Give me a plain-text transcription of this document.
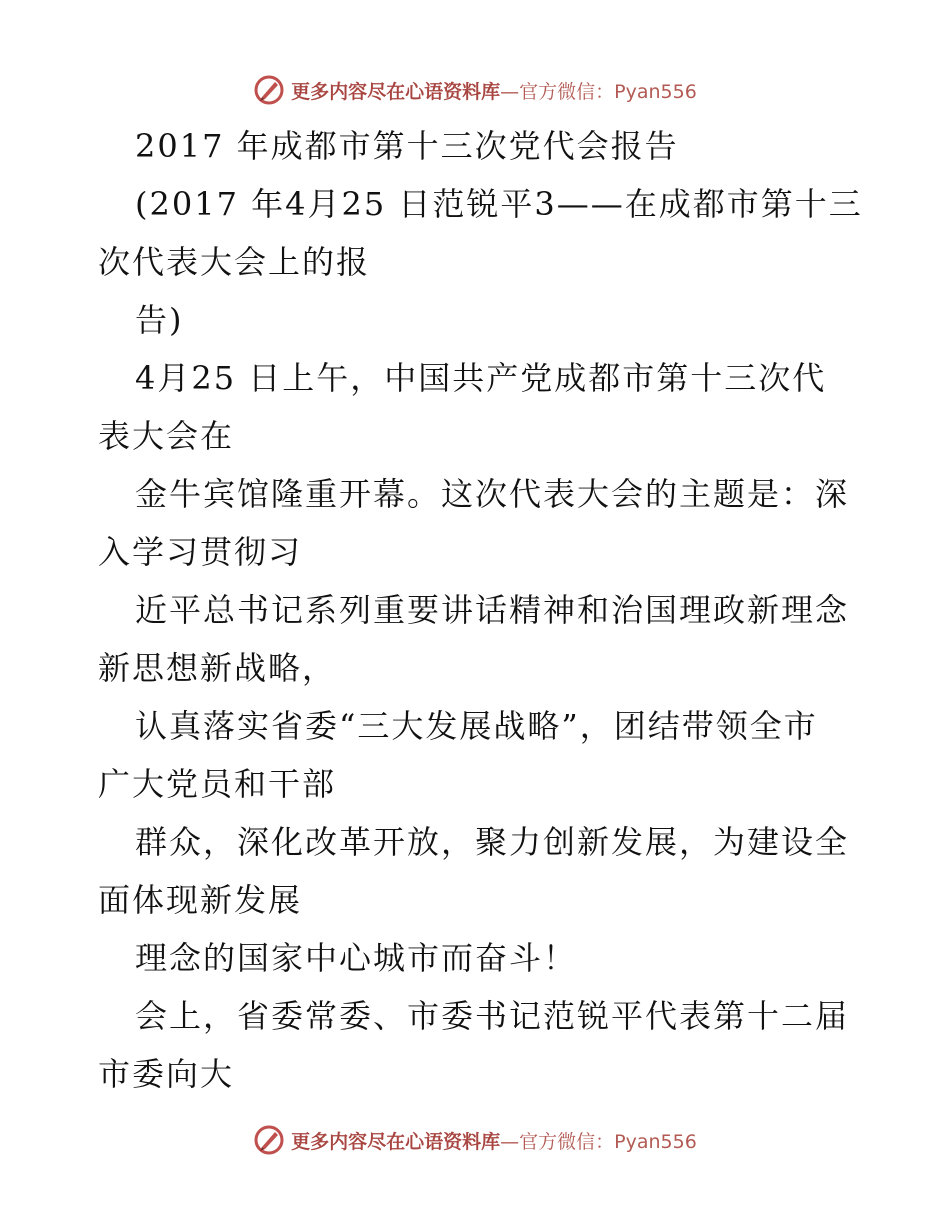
更多内容尽在心语资料库—官方微信：Pyan556
2017 年成都市第十三次党代会报告
(2017 年4月25 日范锐平3——在成都市第十三
次代表大会上的报
告)
4月25 日上午，中国共产党成都市第十三次代
表大会在
金牛宾馆隆重开幕。这次代表大会的主题是：深
入学习贯彻习
近平总书记系列重要讲话精神和治国理政新理念
新思想新战略，
认真落实省委“三大发展战略”，团结带领全市
广大党员和干部
群众，深化改革开放，聚力创新发展，为建设全
面体现新发展
理念的国家中心城市而奋斗！
会上，省委常委、市委书记范锐平代表第十二届
市委向大
更多内容尽在心语资料库—官方微信：Pyan556
